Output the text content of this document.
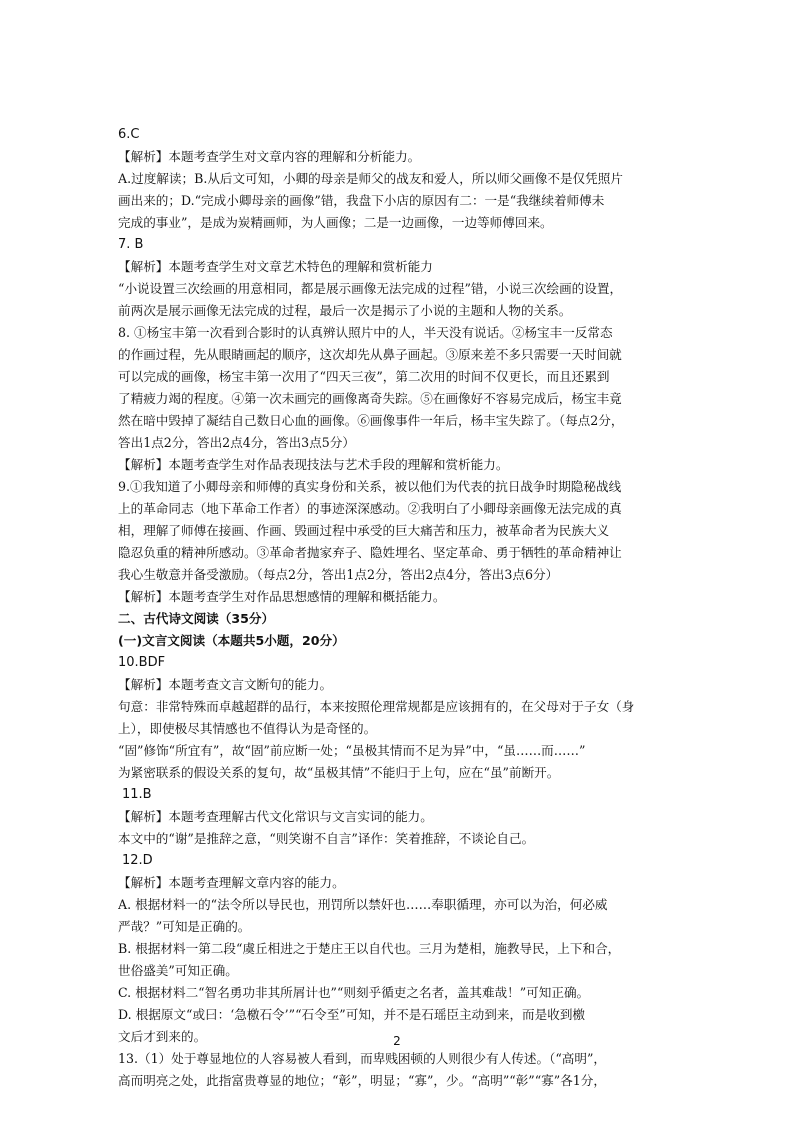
6.C
【解析】本题考查学生对文章内容的理解和分析能力。
A.过度解读；B.从后文可知，小卿的母亲是师父的战友和爱人，所以师父画像不是仅凭照片
画出来的；D.“完成小卿母亲的画像”错，我盘下小店的原因有二：一是“我继续着师傅未
完成的事业”，是成为炭精画师，为人画像；二是一边画像，一边等师傅回来。
7. B
【解析】本题考查学生对文章艺术特色的理解和赏析能力
“小说设置三次绘画的用意相同，都是展示画像无法完成的过程”错，小说三次绘画的设置，
前两次是展示画像无法完成的过程，最后一次是揭示了小说的主题和人物的关系。
8. ①杨宝丰第一次看到合影时的认真辨认照片中的人，半天没有说话。②杨宝丰一反常态
的作画过程，先从眼睛画起的顺序，这次却先从鼻子画起。③原来差不多只需要一天时间就
可以完成的画像，杨宝丰第一次用了“四天三夜”，第二次用的时间不仅更长，而且还累到
了精疲力竭的程度。④第一次未画完的画像离奇失踪。⑤在画像好不容易完成后，杨宝丰竟
然在暗中毁掉了凝结自己数日心血的画像。⑥画像事件一年后，杨丰宝失踪了。（每点2分，
答出1点2分，答出2点4分，答出3点5分）
【解析】本题考查学生对作品表现技法与艺术手段的理解和赏析能力。
9.①我知道了小卿母亲和师傅的真实身份和关系，被以他们为代表的抗日战争时期隐秘战线
上的革命同志（地下革命工作者）的事迹深深感动。②我明白了小卿母亲画像无法完成的真
相，理解了师傅在接画、作画、毁画过程中承受的巨大痛苦和压力，被革命者为民族大义
隐忍负重的精神所感动。③革命者抛家弃子、隐姓埋名、坚定革命、勇于牺牲的革命精神让
我心生敬意并备受激励。（每点2分，答出1点2分，答出2点4分，答出3点6分）
【解析】本题考查学生对作品思想感情的理解和概括能力。
二、古代诗文阅读（35分）
(一)文言文阅读（本题共5小题，20分）
10.BDF
【解析】本题考查文言文断句的能力。
句意：非常特殊而卓越超群的品行，本来按照伦理常规都是应该拥有的，在父母对于子女（身
上），即使极尽其情感也不值得认为是奇怪的。
“固”修饰“所宜有”，故“固”前应断一处；“虽极其情而不足为异”中，“虽……而……”
为紧密联系的假设关系的复句，故“虽极其情”不能归于上句，应在“虽”前断开。
11.B
【解析】本题考查理解古代文化常识与文言实词的能力。
本文中的“谢”是推辞之意，“则笑谢不自言”译作：笑着推辞，不谈论自己。
12.D
【解析】本题考查理解文章内容的能力。
A. 根据材料一的“法令所以导民也，刑罚所以禁奸也……奉职循理，亦可以为治，何必威
严哉？”可知是正确的。
B. 根据材料一第二段“虞丘相进之于楚庄王以自代也。三月为楚相，施教导民，上下和合，
世俗盛美”可知正确。
C. 根据材料二“智名勇功非其所屑计也”“则刻乎循吏之名者，盖其难哉！”可知正确。
D. 根据原文“或曰：‘急檄石令’”“石令至”可知，并不是石瑶臣主动到来，而是收到檄
文后才到来的。
13.（1）处于尊显地位的人容易被人看到，而卑贱困顿的人则很少有人传述。（“高明”，
高而明亮之处，此指富贵尊显的地位；“彰”，明显；“寡”，少。“高明”“彰”“寡”各1分，
2
